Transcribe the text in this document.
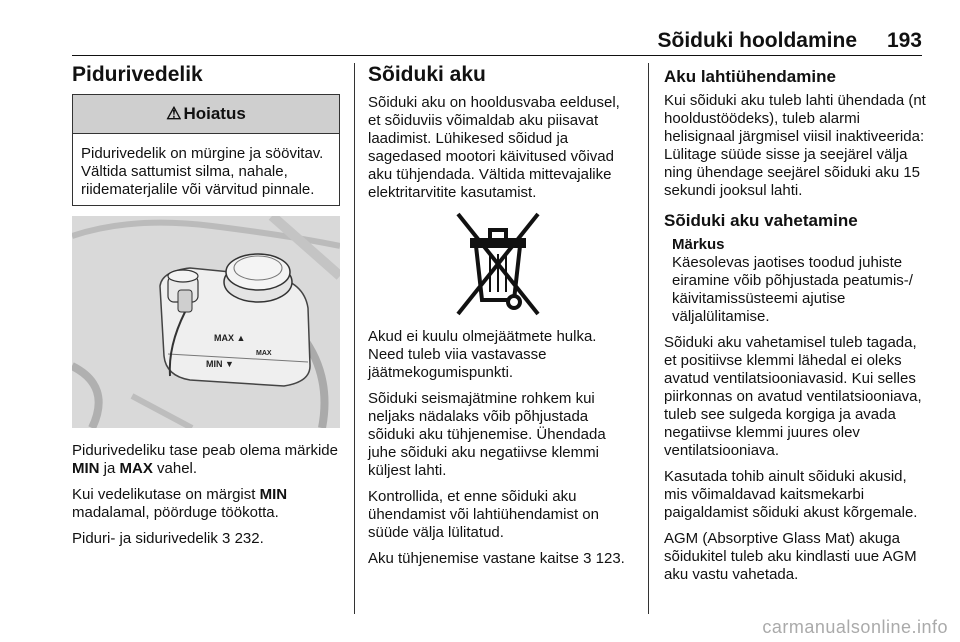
Sõiduki hooldamine 193
Pidurivedelik
⚠ Hoiatus
Pidurivedelik on mürgine ja söövitav. Vältida sattumist silma, nahale, riidematerjalile või värvitud pinnale.
MAX ▲
MIN ▼
MAX

Pidurivedeliku tase peab olema märkide MIN ja MAX vahel.

Kui vedelikutase on märgist MIN madalamal, pöörduge töökotta.

Piduri- ja sidurivedelik 3 232.

Sõiduki aku

Sõiduki aku on hooldusvaba eeldusel, et sõiduviis võimaldab aku piisavat laadimist. Lühikesed sõidud ja sagedased mootori käivitused võivad aku tühjendada. Vältida mittevajalike elektritarvitite kasutamist.

Akud ei kuulu olmejäätmete hulka. Need tuleb viia vastavasse jäätmekogumispunkti.

Sõiduki seismajätmine rohkem kui neljaks nädalaks võib põhjustada sõiduki aku tühjenemise. Ühendada juhe sõiduki aku negatiivse klemmi küljest lahti.

Kontrollida, et enne sõiduki aku ühendamist või lahtiühendamist on süüde välja lülitatud.

Aku tühjenemise vastane kaitse 3 123.

Aku lahtiühendamine

Kui sõiduki aku tuleb lahti ühendada (nt hooldustöödeks), tuleb alarmi helisignaal järgmisel viisil inaktiveerida: Lülitage süüde sisse ja seejärel välja ning ühendage seejärel sõiduki aku 15 sekundi jooksul lahti.

Sõiduki aku vahetamine
Märkus

Käesolevas jaotises toodud juhiste eiramine võib põhjustada peatumis-/ käivitamissüsteemi ajutise väljalülitamise.

Sõiduki aku vahetamisel tuleb tagada, et positiivse klemmi lähedal ei oleks avatud ventilatsiooniavasid. Kui selles piirkonnas on avatud ventilatsiooniava, tuleb see sulgeda korgiga ja avada negatiivse klemmi juures olev ventilatsiooniava.

Kasutada tohib ainult sõiduki akusid, mis võimaldavad kaitsmekarbi paigaldamist sõiduki akust kõrgemale.

AGM (Absorptive Glass Mat) akuga sõidukitel tuleb aku kindlasti uue AGM aku vastu vahetada.

carmanualsonline.info
